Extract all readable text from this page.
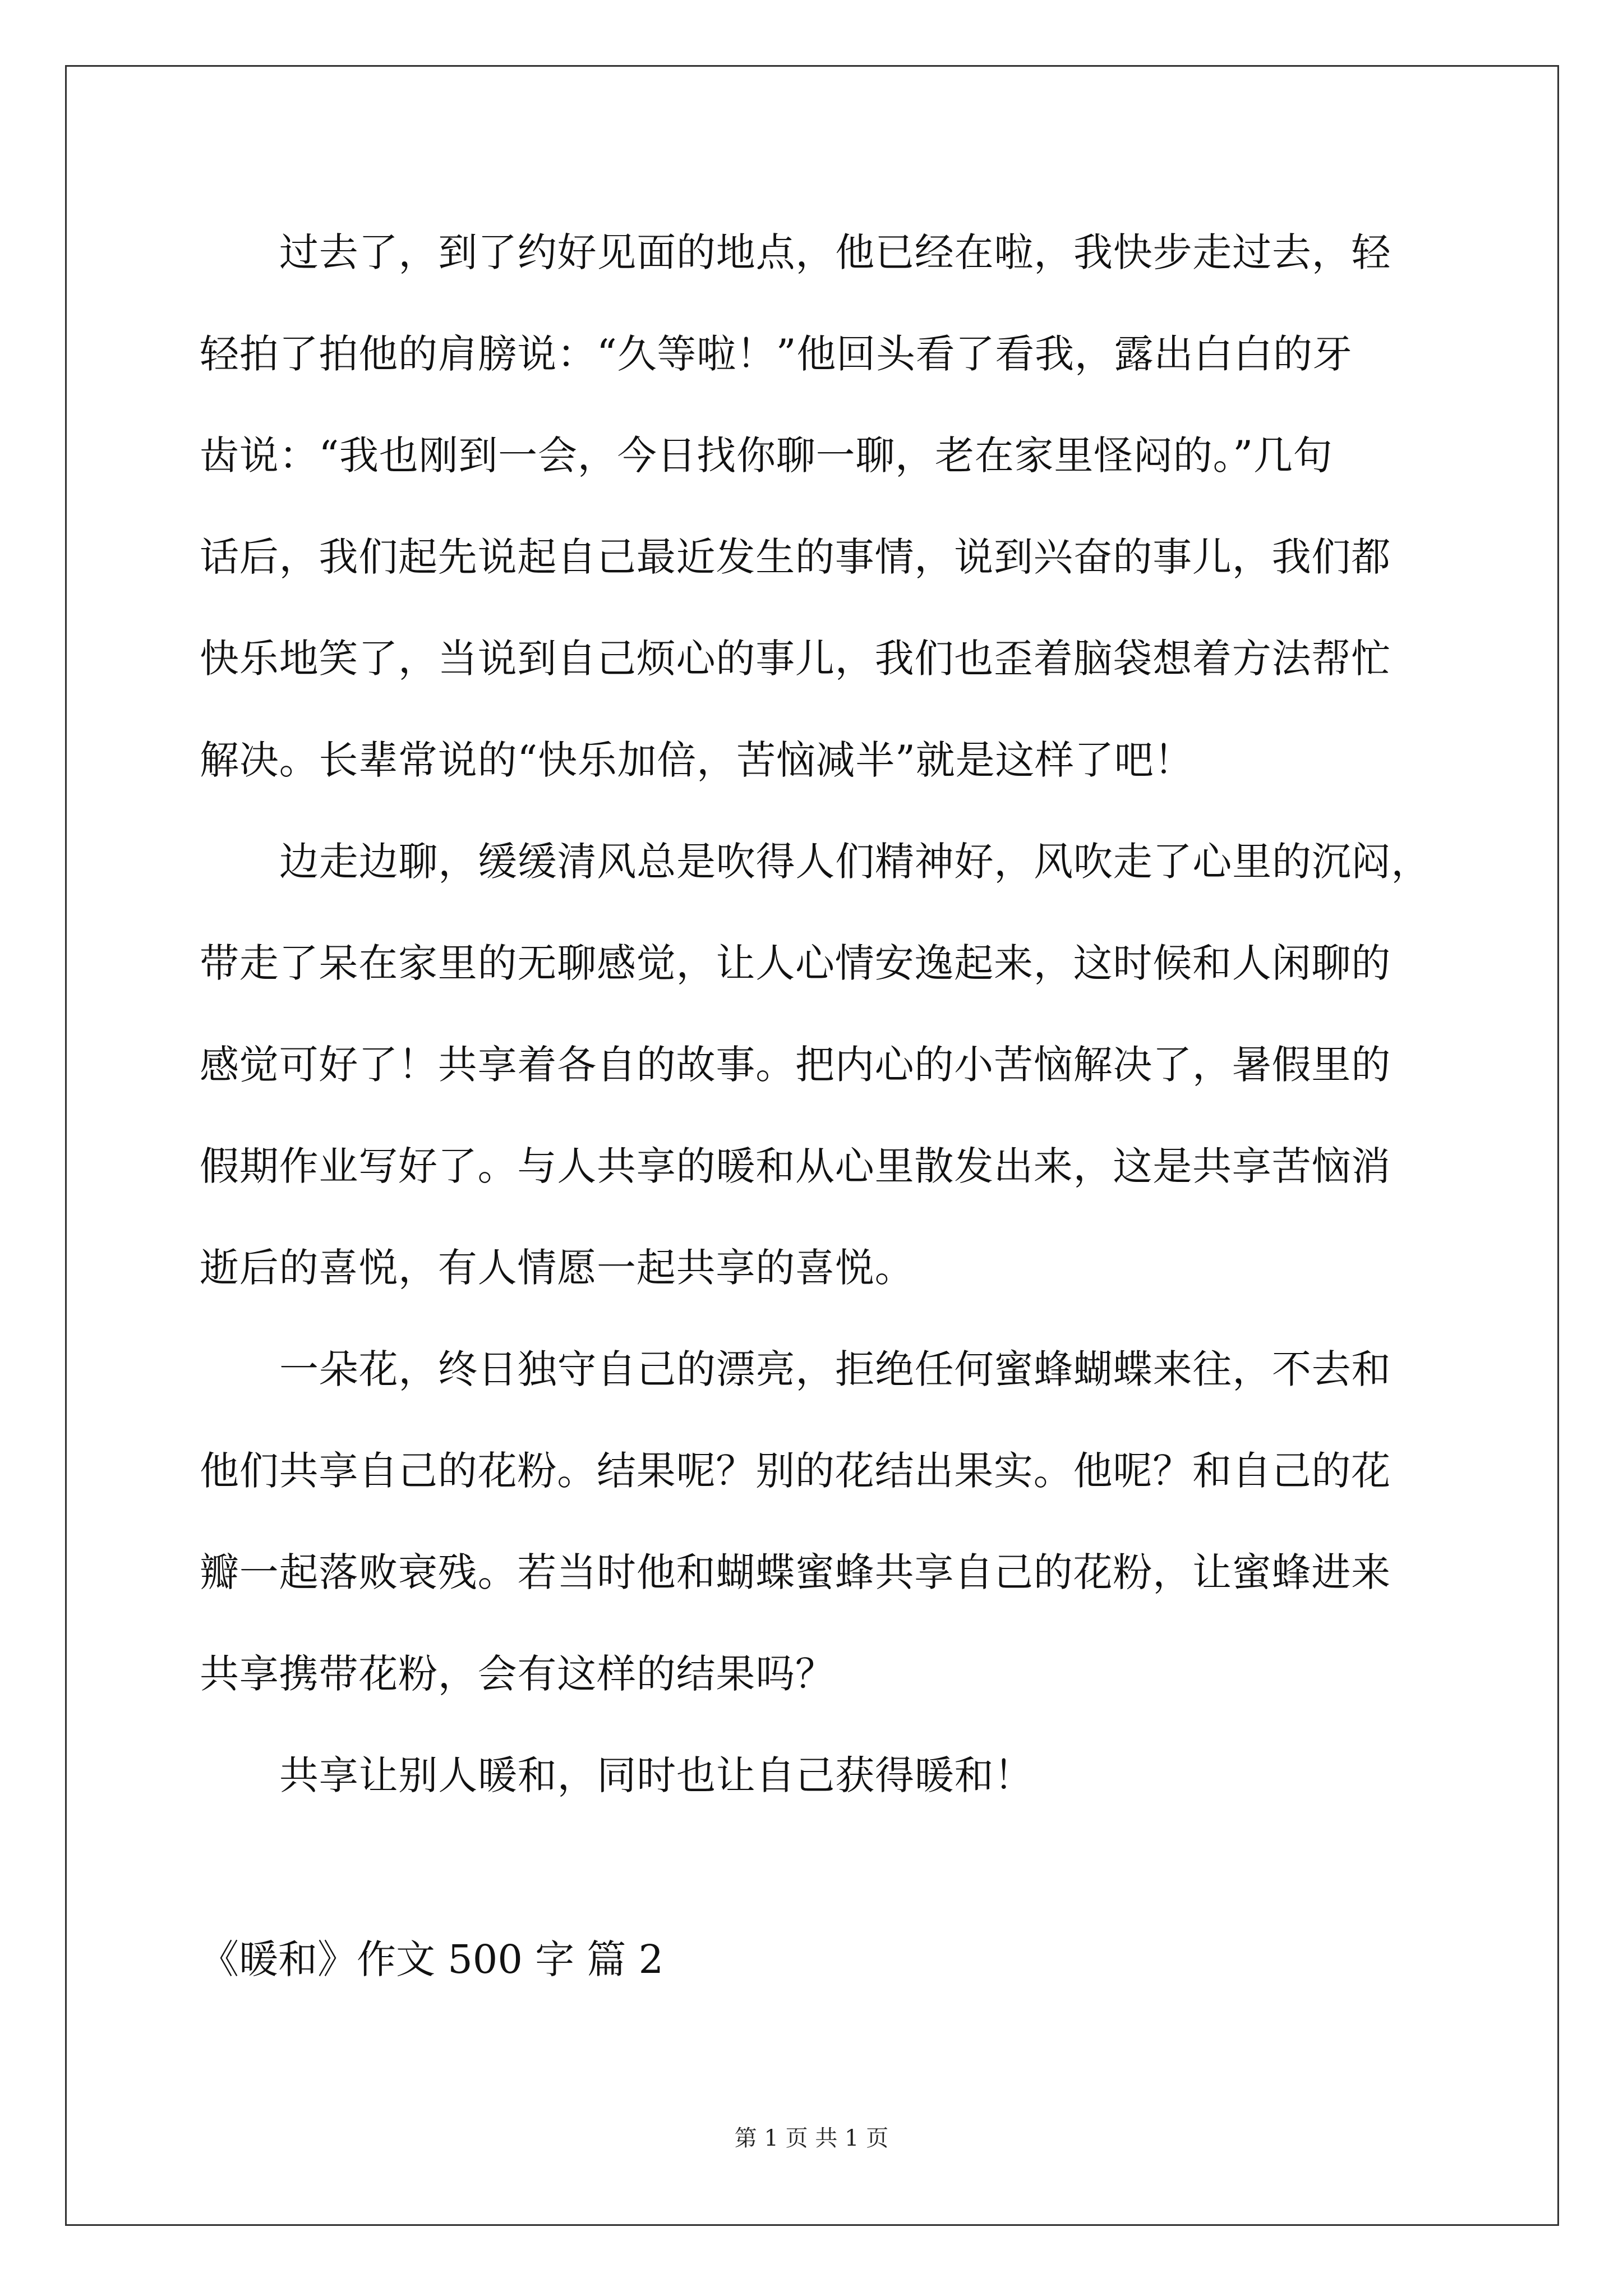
过去了，到了约好见面的地点，他已经在啦，我快步走过去，轻
轻拍了拍他的肩膀说：“久等啦！”他回头看了看我，露出白白的牙
齿说：“我也刚到一会，今日找你聊一聊，老在家里怪闷的。”几句
话后，我们起先说起自己最近发生的事情，说到兴奋的事儿，我们都
快乐地笑了，当说到自己烦心的事儿，我们也歪着脑袋想着方法帮忙
解决。长辈常说的“快乐加倍，苦恼减半”就是这样了吧！
边走边聊，缓缓清风总是吹得人们精神好，风吹走了心里的沉闷，
带走了呆在家里的无聊感觉，让人心情安逸起来，这时候和人闲聊的
感觉可好了！共享着各自的故事。把内心的小苦恼解决了，暑假里的
假期作业写好了。与人共享的暖和从心里散发出来，这是共享苦恼消
逝后的喜悦，有人情愿一起共享的喜悦。
一朵花，终日独守自己的漂亮，拒绝任何蜜蜂蝴蝶来往，不去和
他们共享自己的花粉。结果呢？别的花结出果实。他呢？和自己的花
瓣一起落败衰残。若当时他和蝴蝶蜜蜂共享自己的花粉，让蜜蜂进来
共享携带花粉，会有这样的结果吗？
共享让别人暖和，同时也让自己获得暖和！
《暖和》作文 500 字 篇 2
第 1 页 共 1 页
